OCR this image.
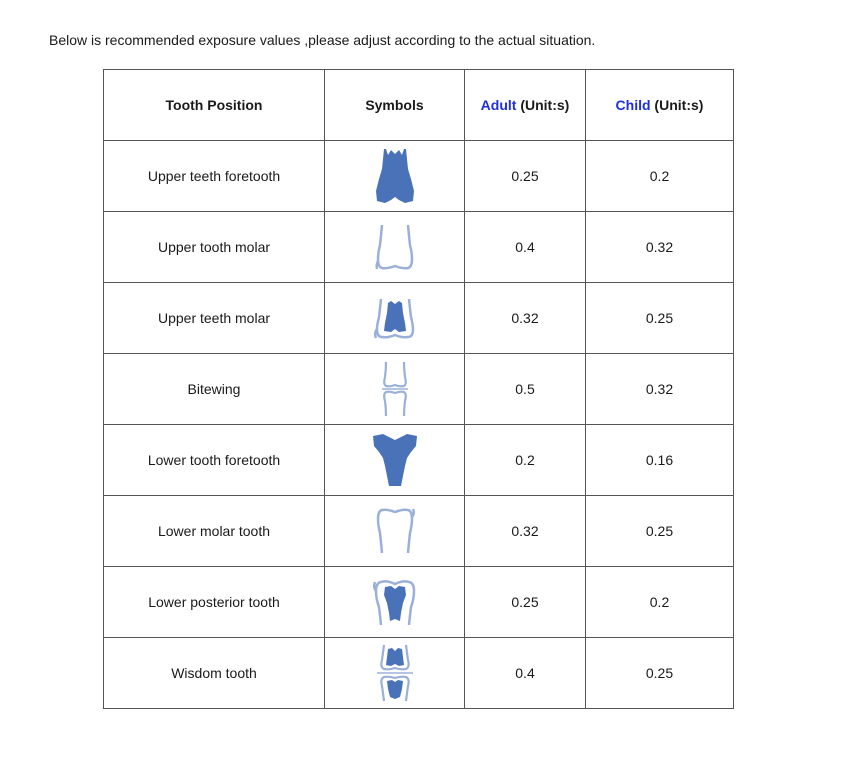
Below is recommended exposure values ,please adjust according to the actual situation.
Tooth Position	Symbols	Adult (Unit:s)	Child (Unit:s)
Upper teeth foretooth		0.25	0.2
Upper tooth molar		0.4	0.32
Upper teeth molar		0.32	0.25
Bitewing		0.5	0.32
Lower tooth foretooth		0.2	0.16
Lower molar tooth		0.32	0.25
Lower posterior tooth		0.25	0.2
Wisdom tooth		0.4	0.25
